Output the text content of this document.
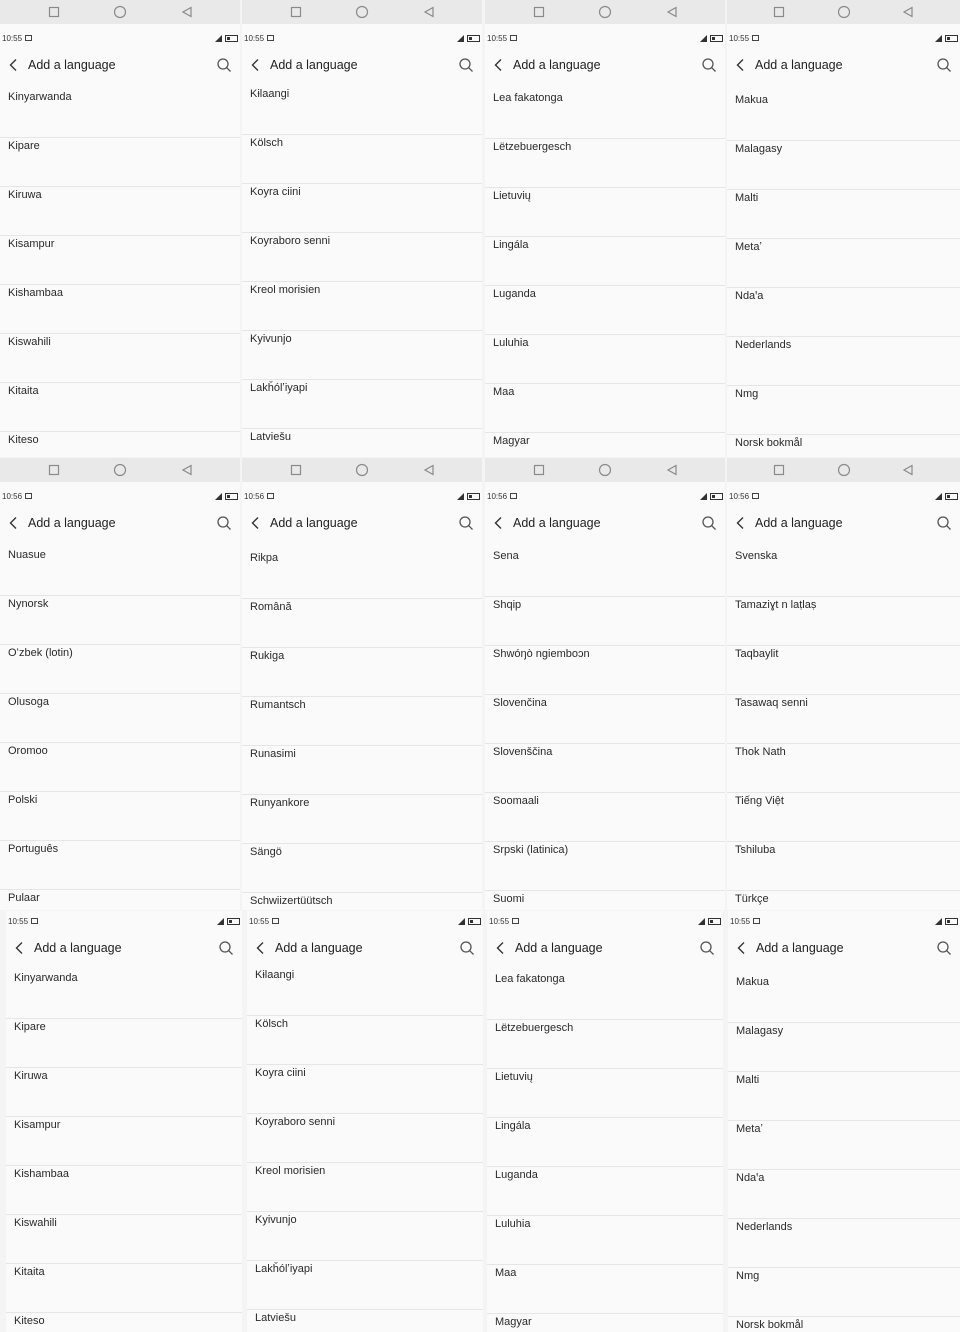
10:55
Add a language
Kinyarwanda
Kipare
Kiruwa
Kisampur
Kishambaa
Kiswahili
Kitaita
Kiteso
10:55
Add a language
Kɨlaangi
Kölsch
Koyra ciini
Koyraboro senni
Kreol morisien
Kyivunjo
Lakȟólʼiyapi
Latviešu
10:55
Add a language
Lea fakatonga
Lëtzebuergesch
Lietuvių
Lingála
Luganda
Luluhia
Maa
Magyar
10:55
Add a language
Makua
Malagasy
Malti
Metaʼ
Ndaꞌa
Nederlands
Nmg
Norsk bokmål
10:56
Add a language
Nuasue
Nynorsk
Oʻzbek (lotin)
Olusoga
Oromoo
Polski
Português
Pulaar
10:56
Add a language
Rikpa
Română
Rukiga
Rumantsch
Runasimi
Runyankore
Sängö
Schwiizertüütsch
10:56
Add a language
Sena
Shqip
Shwóŋò ngiemboɔn
Slovenčina
Slovenščina
Soomaali
Srpski (latinica)
Suomi
10:56
Add a language
Svenska
Tamaziɣt n laṭlaṣ
Taqbaylit
Tasawaq senni
Thok Nath
Tiếng Việt
Tshiluba
Türkçe
10:55
Add a language
Kinyarwanda
Kipare
Kiruwa
Kisampur
Kishambaa
Kiswahili
Kitaita
Kiteso
10:55
Add a language
Kɨlaangi
Kölsch
Koyra ciini
Koyraboro senni
Kreol morisien
Kyivunjo
Lakȟólʼiyapi
Latviešu
10:55
Add a language
Lea fakatonga
Lëtzebuergesch
Lietuvių
Lingála
Luganda
Luluhia
Maa
Magyar
10:55
Add a language
Makua
Malagasy
Malti
Metaʼ
Ndaꞌa
Nederlands
Nmg
Norsk bokmål
